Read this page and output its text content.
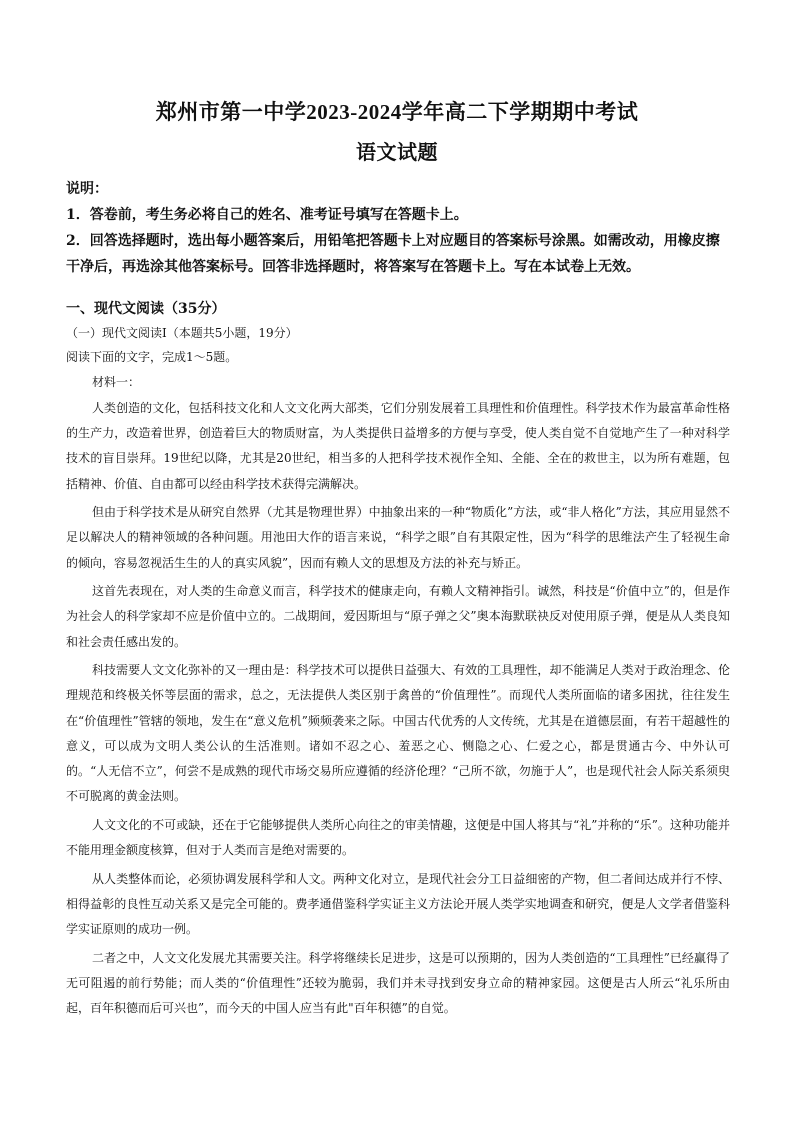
郑州市第一中学2023-2024学年高二下学期期中考试
语文试题

说明：

1．答卷前，考生务必将自己的姓名、准考证号填写在答题卡上。

2．回答选择题时，选出每小题答案后，用铅笔把答题卡上对应题目的答案标号涂黑。如需改动，用橡皮擦干净后，再选涂其他答案标号。回答非选择题时，将答案写在答题卡上。写在本试卷上无效。

一、现代文阅读（35分）
（一）现代文阅读Ⅰ（本题共5小题，19分）
阅读下面的文字，完成1～5题。
材料一：

人类创造的文化，包括科技文化和人文文化两大部类，它们分别发展着工具理性和价值理性。科学技术作为最富革命性格的生产力，改造着世界，创造着巨大的物质财富，为人类提供日益增多的方便与享受，使人类自觉不自觉地产生了一种对科学技术的盲目崇拜。19世纪以降，尤其是20世纪，相当多的人把科学技术视作全知、全能、全在的救世主，以为所有难题，包括精神、价值、自由都可以经由科学技术获得完满解决。

但由于科学技术是从研究自然界（尤其是物理世界）中抽象出来的一种“物质化”方法，或“非人格化”方法，其应用显然不足以解决人的精神领域的各种问题。用池田大作的语言来说，“科学之眼”自有其限定性，因为“科学的思维法产生了轻视生命的倾向，容易忽视活生生的人的真实风貌”，因而有赖人文的思想及方法的补充与矫正。

这首先表现在，对人类的生命意义而言，科学技术的健康走向，有赖人文精神指引。诚然，科技是“价值中立”的，但是作为社会人的科学家却不应是价值中立的。二战期间，爱因斯坦与“原子弹之父”奥本海默联袂反对使用原子弹，便是从人类良知和社会责任感出发的。

科技需要人文文化弥补的又一理由是：科学技术可以提供日益强大、有效的工具理性，却不能满足人类对于政治理念、伦理规范和终极关怀等层面的需求，总之，无法提供人类区别于禽兽的“价值理性”。而现代人类所面临的诸多困扰，往往发生在“价值理性”管辖的领地，发生在“意义危机”频频袭来之际。中国古代优秀的人文传统，尤其是在道德层面，有若干超越性的意义，可以成为文明人类公认的生活准则。诸如不忍之心、羞恶之心、恻隐之心、仁爱之心，都是贯通古今、中外认可的。“人无信不立”，何尝不是成熟的现代市场交易所应遵循的经济伦理？“己所不欲，勿施于人”，也是现代社会人际关系须臾不可脱离的黄金法则。

人文文化的不可或缺，还在于它能够提供人类所心向往之的审美情趣，这便是中国人将其与“礼”并称的“乐”。这种功能并不能用理金额度核算，但对于人类而言是绝对需要的。

从人类整体而论，必须协调发展科学和人文。两种文化对立，是现代社会分工日益细密的产物，但二者间达成并行不悖、相得益彰的良性互动关系又是完全可能的。费孝通借鉴科学实证主义方法论开展人类学实地调查和研究，便是人文学者借鉴科学实证原则的成功一例。

二者之中，人文文化发展尤其需要关注。科学将继续长足进步，这是可以预期的，因为人类创造的“工具理性”已经赢得了无可阻遏的前行势能；而人类的“价值理性”还较为脆弱，我们并未寻找到安身立命的精神家园。这便是古人所云“礼乐所由起，百年积德而后可兴也”，而今天的中国人应当有此"百年积德”的自觉。
